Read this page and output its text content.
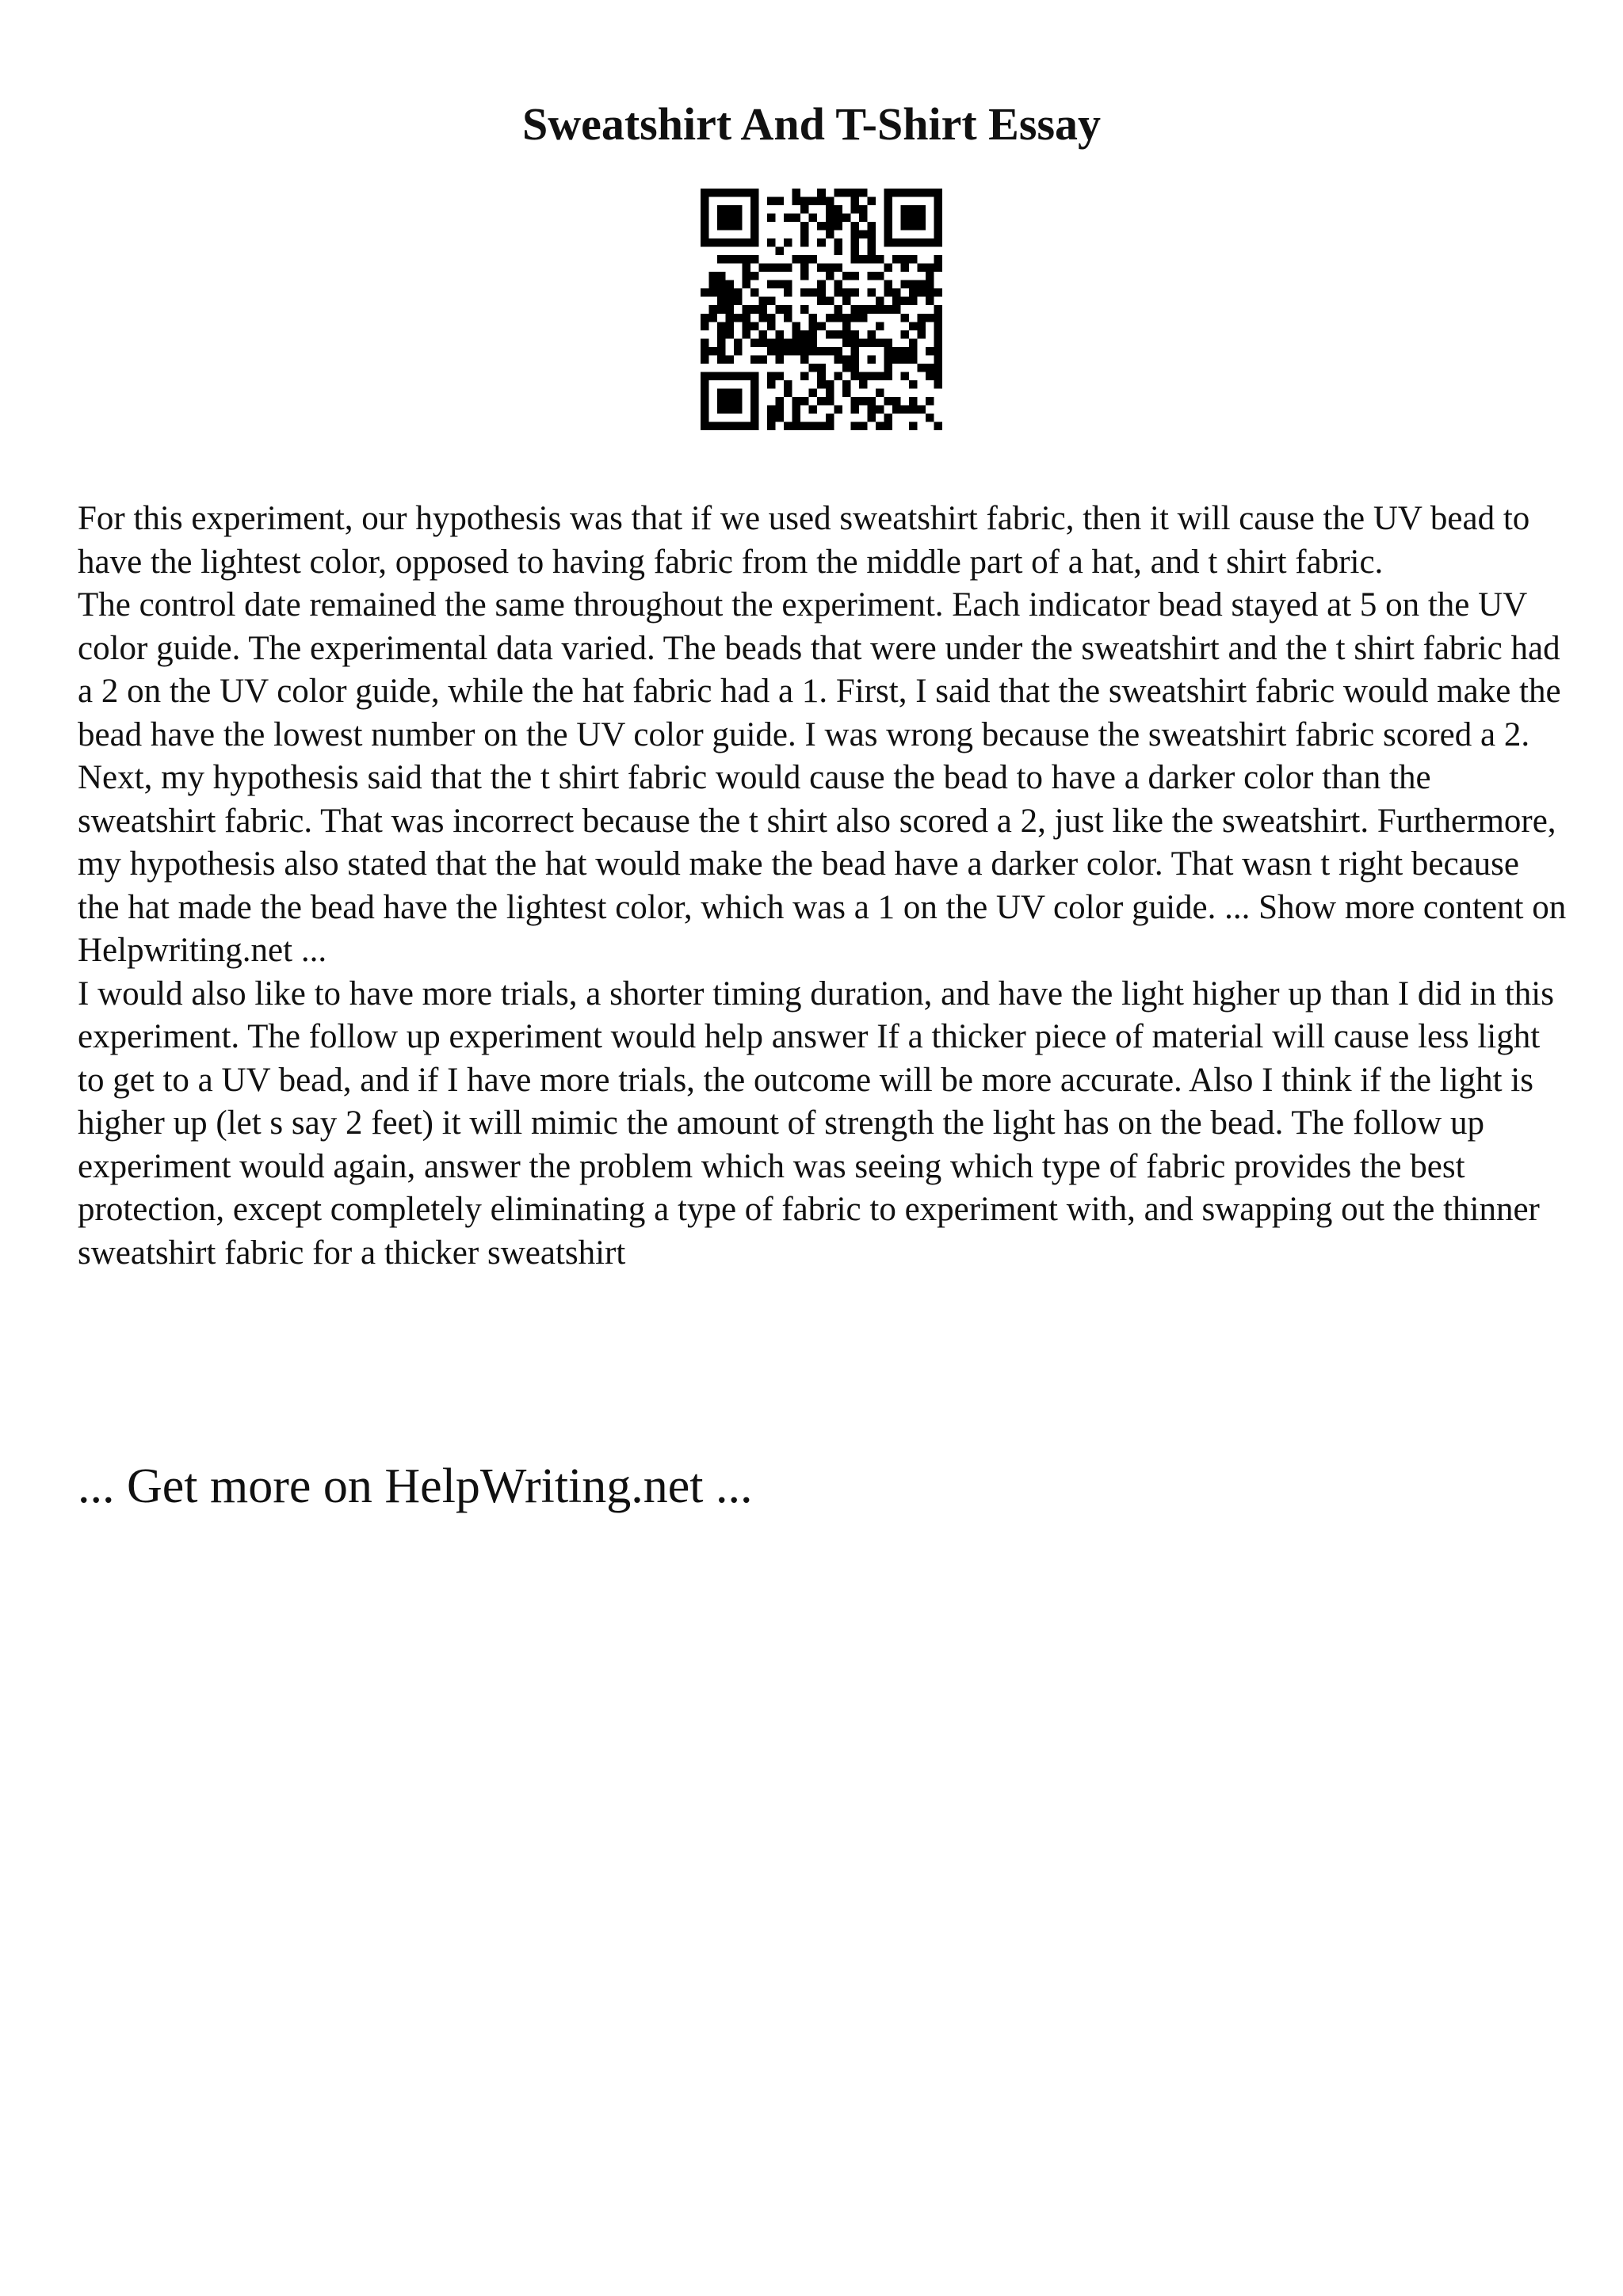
Sweatshirt And T-Shirt Essay

For this experiment, our hypothesis was that if we used sweatshirt fabric, then it will cause the UV bead to have the lightest color, opposed to having fabric from the middle part of a hat, and t shirt fabric.

The control date remained the same throughout the experiment. Each indicator bead stayed at 5 on the UV color guide. The experimental data varied. The beads that were under the sweatshirt and the t shirt fabric had a 2 on the UV color guide, while the hat fabric had a 1. First, I said that the sweatshirt fabric would make the bead have the lowest number on the UV color guide. I was wrong because the sweatshirt fabric scored a 2. Next, my hypothesis said that the t shirt fabric would cause the bead to have a darker color than the sweatshirt fabric. That was incorrect because the t shirt also scored a 2, just like the sweatshirt. Furthermore, my hypothesis also stated that the hat would make the bead have a darker color. That wasn t right because the hat made the bead have the lightest color, which was a 1 on the UV color guide. ... Show more content on Helpwriting.net ...

I would also like to have more trials, a shorter timing duration, and have the light higher up than I did in this experiment. The follow up experiment would help answer If a thicker piece of material will cause less light to get to a UV bead, and if I have more trials, the outcome will be more accurate. Also I think if the light is higher up (let s say 2 feet) it will mimic the amount of strength the light has on the bead. The follow up experiment would again, answer the problem which was seeing which type of fabric provides the best protection, except completely eliminating a type of fabric to experiment with, and swapping out the thinner sweatshirt fabric for a thicker sweatshirt

... Get more on HelpWriting.net ...
